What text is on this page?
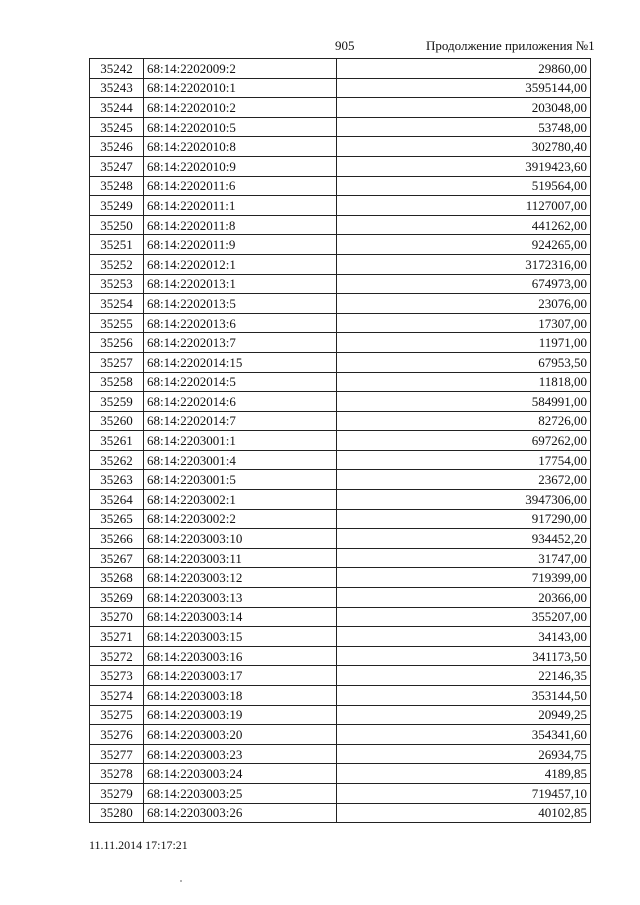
905	Продолжение приложения №1
35242	68:14:2202009:2	29860,00
35243	68:14:2202010:1	3595144,00
35244	68:14:2202010:2	203048,00
35245	68:14:2202010:5	53748,00
35246	68:14:2202010:8	302780,40
35247	68:14:2202010:9	3919423,60
35248	68:14:2202011:6	519564,00
35249	68:14:2202011:1	1127007,00
35250	68:14:2202011:8	441262,00
35251	68:14:2202011:9	924265,00
35252	68:14:2202012:1	3172316,00
35253	68:14:2202013:1	674973,00
35254	68:14:2202013:5	23076,00
35255	68:14:2202013:6	17307,00
35256	68:14:2202013:7	11971,00
35257	68:14:2202014:15	67953,50
35258	68:14:2202014:5	11818,00
35259	68:14:2202014:6	584991,00
35260	68:14:2202014:7	82726,00
35261	68:14:2203001:1	697262,00
35262	68:14:2203001:4	17754,00
35263	68:14:2203001:5	23672,00
35264	68:14:2203002:1	3947306,00
35265	68:14:2203002:2	917290,00
35266	68:14:2203003:10	934452,20
35267	68:14:2203003:11	31747,00
35268	68:14:2203003:12	719399,00
35269	68:14:2203003:13	20366,00
35270	68:14:2203003:14	355207,00
35271	68:14:2203003:15	34143,00
35272	68:14:2203003:16	341173,50
35273	68:14:2203003:17	22146,35
35274	68:14:2203003:18	353144,50
35275	68:14:2203003:19	20949,25
35276	68:14:2203003:20	354341,60
35277	68:14:2203003:23	26934,75
35278	68:14:2203003:24	4189,85
35279	68:14:2203003:25	719457,10
35280	68:14:2203003:26	40102,85
11.11.2014 17:17:21
